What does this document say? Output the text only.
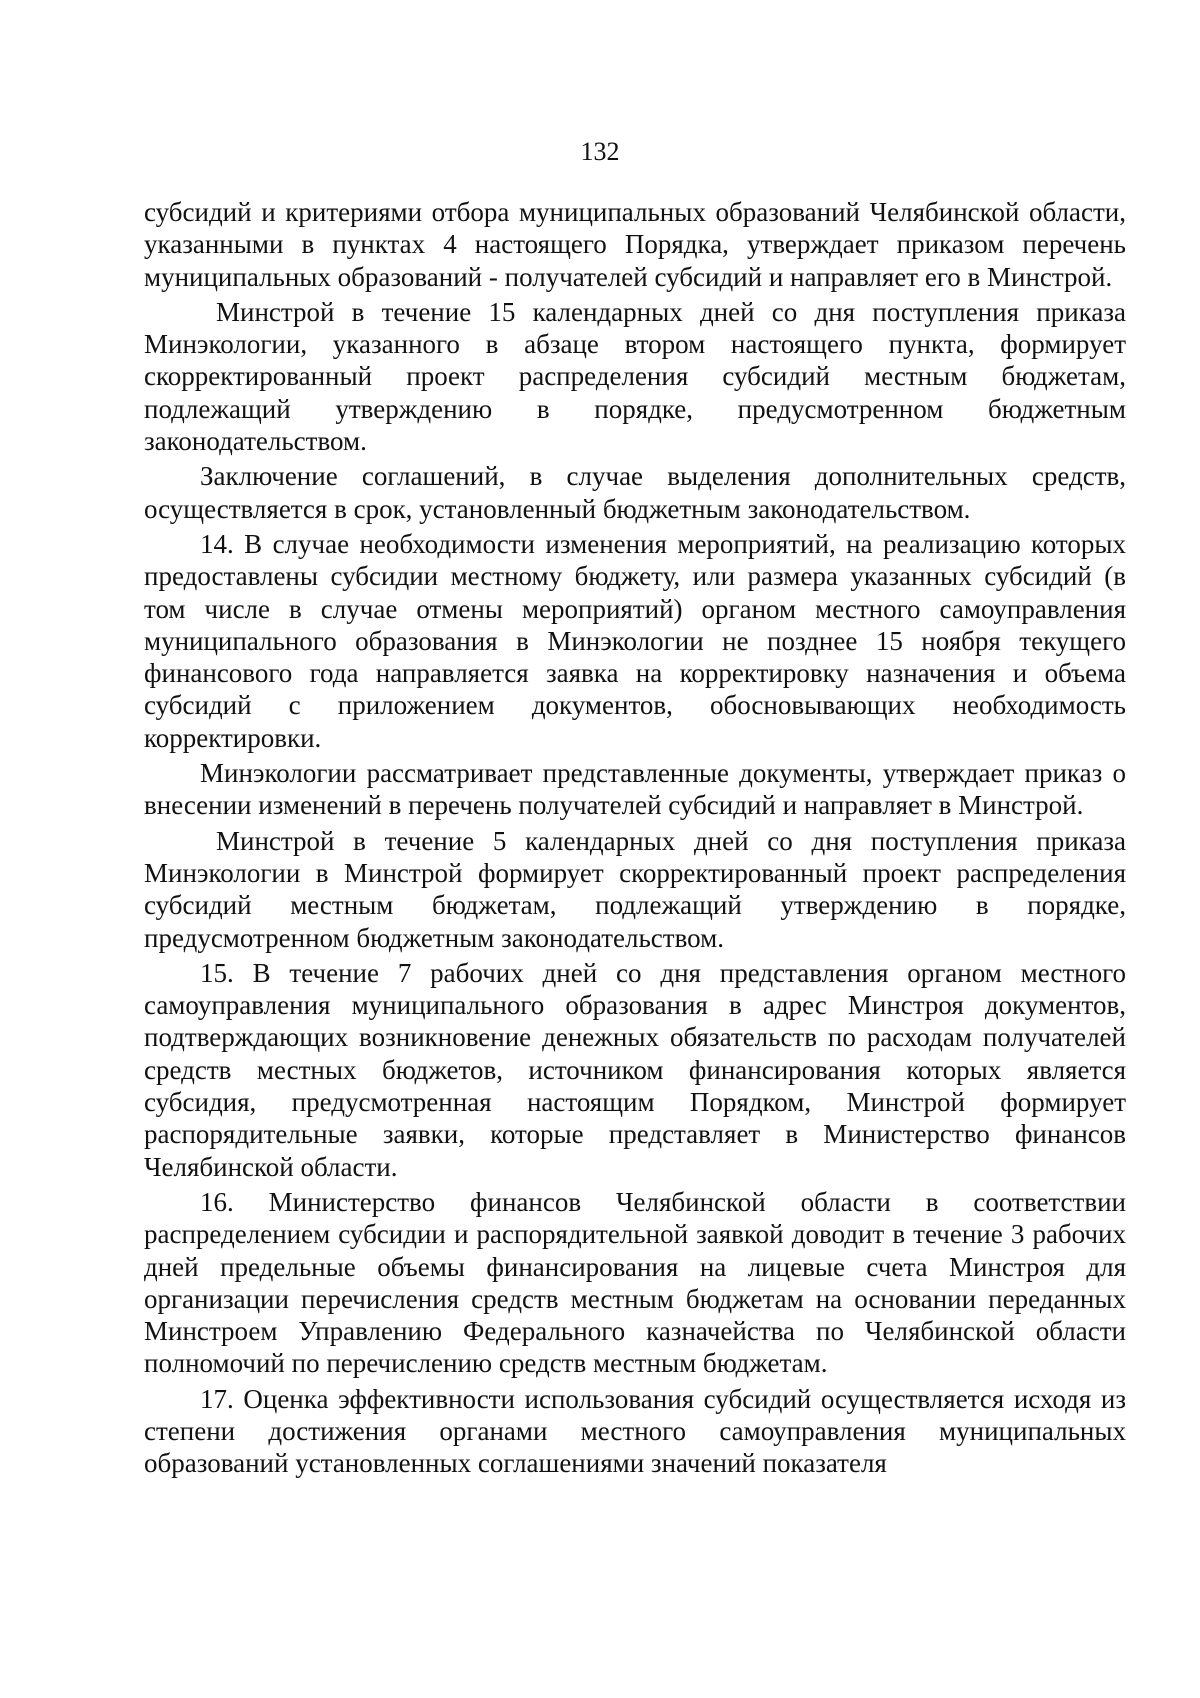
132

субсидий и критериями отбора муниципальных образований Челябинской области, указанными в пунктах 4 настоящего Порядка, утверждает приказом перечень муниципальных образований - получателей субсидий и направляет его в Минстрой.

Минстрой в течение 15 календарных дней со дня поступления приказа Минэкологии, указанного в абзаце втором настоящего пункта, формирует скорректированный проект распределения субсидий местным бюджетам, подлежащий утверждению в порядке, предусмотренном бюджетным законодательством.

Заключение соглашений, в случае выделения дополнительных средств, осуществляется в срок, установленный бюджетным законодательством.

14. В случае необходимости изменения мероприятий, на реализацию которых предоставлены субсидии местному бюджету, или размера указанных субсидий (в том числе в случае отмены мероприятий) органом местного самоуправления муниципального образования в Минэкологии не позднее 15 ноября текущего финансового года направляется заявка на корректировку назначения и объема субсидий с приложением документов, обосновывающих необходимость корректировки.

Минэкологии рассматривает представленные документы, утверждает приказ о внесении изменений в перечень получателей субсидий и направляет в Минстрой.

Минстрой в течение 5 календарных дней со дня поступления приказа Минэкологии в Минстрой формирует скорректированный проект распределения субсидий местным бюджетам, подлежащий утверждению в порядке, предусмотренном бюджетным законодательством.

15. В течение 7 рабочих дней со дня представления органом местного самоуправления муниципального образования в адрес Минстроя документов, подтверждающих возникновение денежных обязательств по расходам получателей средств местных бюджетов, источником финансирования которых является субсидия, предусмотренная настоящим Порядком, Минстрой формирует распорядительные заявки, которые представляет в Министерство финансов Челябинской области.

16. Министерство финансов Челябинской области в соответствии распределением субсидии и распорядительной заявкой доводит в течение 3 рабочих дней предельные объемы финансирования на лицевые счета Минстроя для организации перечисления средств местным бюджетам на основании переданных Минстроем Управлению Федерального казначейства по Челябинской области полномочий по перечислению средств местным бюджетам.

17. Оценка эффективности использования субсидий осуществляется исходя из степени достижения органами местного самоуправления муниципальных образований установленных соглашениями значений показателя
